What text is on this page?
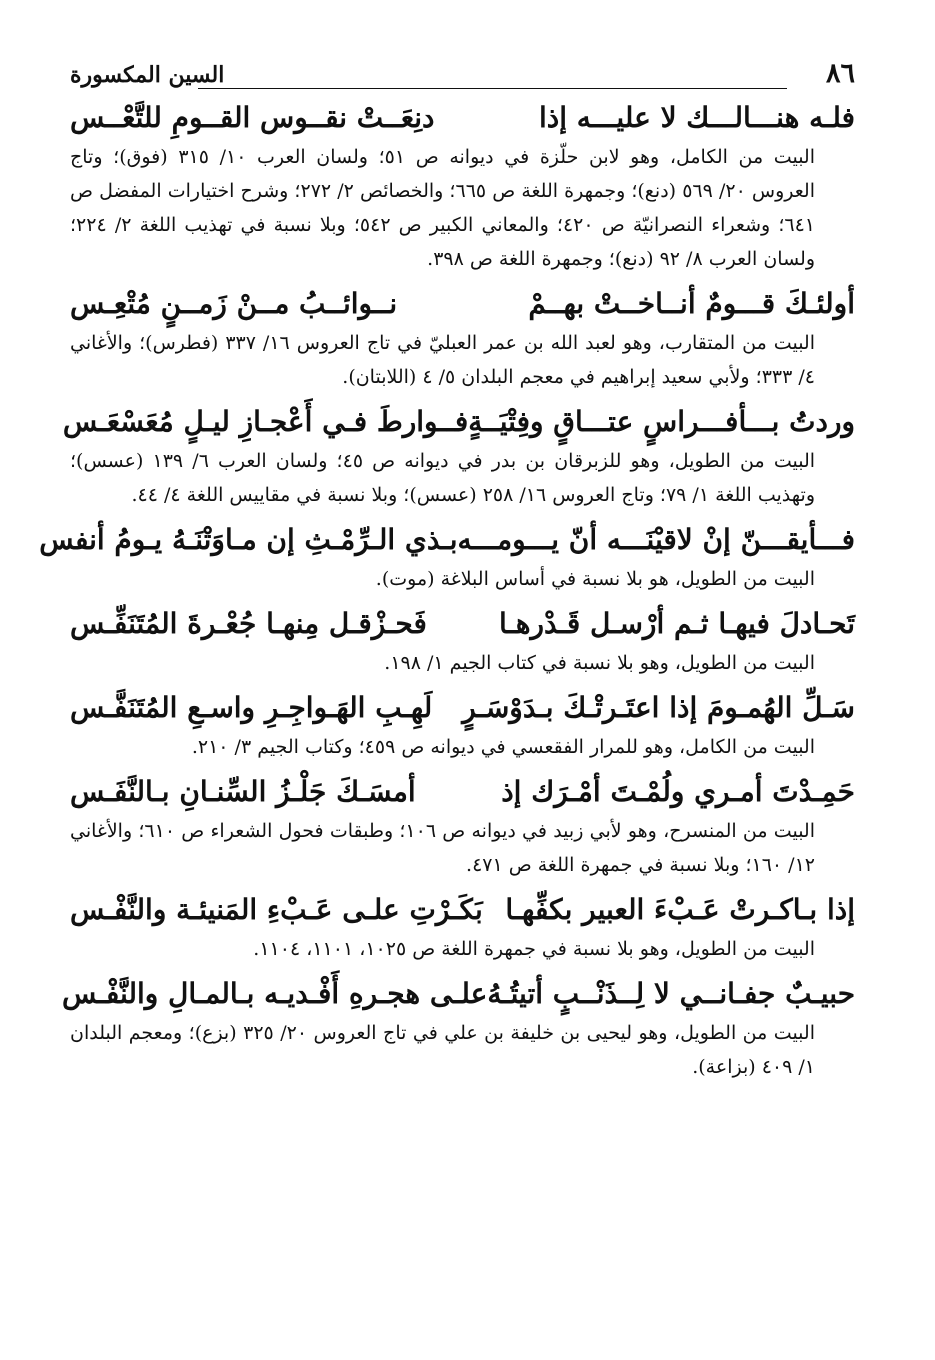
٨٦
السين المكسورة
فلـه هنـــالـــك لا عليـــه إذا
دنِعَــتْ نقــوس القــومِ للتَّعْــس
البيت من الكامل، وهو لابن حلّزة في ديوانه ص ٥١؛ ولسان العرب ١٠/ ٣١٥ (فوق)؛ وتاج العروس ٢٠/ ٥٦٩ (دنع)؛ وجمهرة اللغة ص ٦٦٥؛ والخصائص ٢/ ٢٧٢؛ وشرح اختيارات المفضل ص ٦٤١؛ وشعراء النصرانيّة ص ٤٢٠؛ والمعاني الكبير ص ٥٤٢؛ وبلا نسبة في تهذيب اللغة ٢/ ٢٢٤؛ ولسان العرب ٨/ ٩٢ (دنع)؛ وجمهرة اللغة ص ٣٩٨.
أولئـكَ قـــومٌ أنــاخــتْ بهــمْ
نــوائــبُ مــنْ زَمــنٍ مُتْعِـس
البيت من المتقارب، وهو لعبد الله بن عمر العبليّ في تاج العروس ١٦/ ٣٣٧ (فطرس)؛ والأغاني ٤/ ٣٣٣؛ ولأبي سعيد إبراهيم في معجم البلدان ٥/ ٤ (اللابتان).
وردتُ بـــأفـــراسٍ عتـــاقٍ وفِتْيَــةٍ
فــوارطَ فـي أَعْجـازِ ليـلٍ مُعَسْعَـس
البيت من الطويل، وهو للزبرقان بن بدر في ديوانه ص ٤٥؛ ولسان العرب ٦/ ١٣٩ (عسس)؛ وتهذيب اللغة ١/ ٧٩؛ وتاج العروس ١٦/ ٢٥٨ (عسس)؛ وبلا نسبة في مقاييس اللغة ٤/ ٤٤.
فـــأيقـــنّ إنْ لاقيْنَـــه أنّ يـــومـــه
بـذي الـرِّمْـثِ إن مـاوَتْنَـهُ يـومُ أنفس
البيت من الطويل، هو بلا نسبة في أساس البلاغة (موت).
تَحـادلَ فيهـا ثـم أرْسـل قَـدْرهـا
فَحـزْقـل مِنهـا جُعْـرةَ المُتَنَفِّـس
البيت من الطويل، وهو بلا نسبة في كتاب الجيم ١/ ١٩٨.
سَـلِّ الهُمـومَ إذا اعتَـرتْـكَ بـدَوْسَـرٍ
لَهِـبِ الهَـواجِـرِ واسـعِ المُتَنَفَّـس
البيت من الكامل، وهو للمرار الفقعسي في ديوانه ص ٤٥٩؛ وكتاب الجيم ٣/ ٢١٠.
حَمِـدْتَ أمـري ولُمْـتَ أمْـرَك إذ
أمسَـكَ جَلْـزُ السِّنـانِ بـالنَّفَـس
البيت من المنسرح، وهو لأبي زبيد في ديوانه ص ١٠٦؛ وطبقات فحول الشعراء ص ٦١٠؛ والأغاني ١٢/ ١٦٠؛ وبلا نسبة في جمهرة اللغة ص ٤٧١.
إذا بـاكـرتْ عَـبْءَ العبير بكفِّهـا
بَكَـرْتِ علـى عَـبْءِ المَنيئـة والنَّفْـس
البيت من الطويل، وهو بلا نسبة في جمهرة اللغة ص ١٠٢٥، ١١٠١، ١١٠٤.
حبيـبٌ جفـانــي لا لِــذَنْــبٍ أتيتُـهُ
علـى هجـرهِ أَفْـديـه بـالمـالِ والنَّفْـس
البيت من الطويل، وهو ليحيى بن خليفة بن علي في تاج العروس ٢٠/ ٣٢٥ (بزع)؛ ومعجم البلدان ١/ ٤٠٩ (بزاعة).
